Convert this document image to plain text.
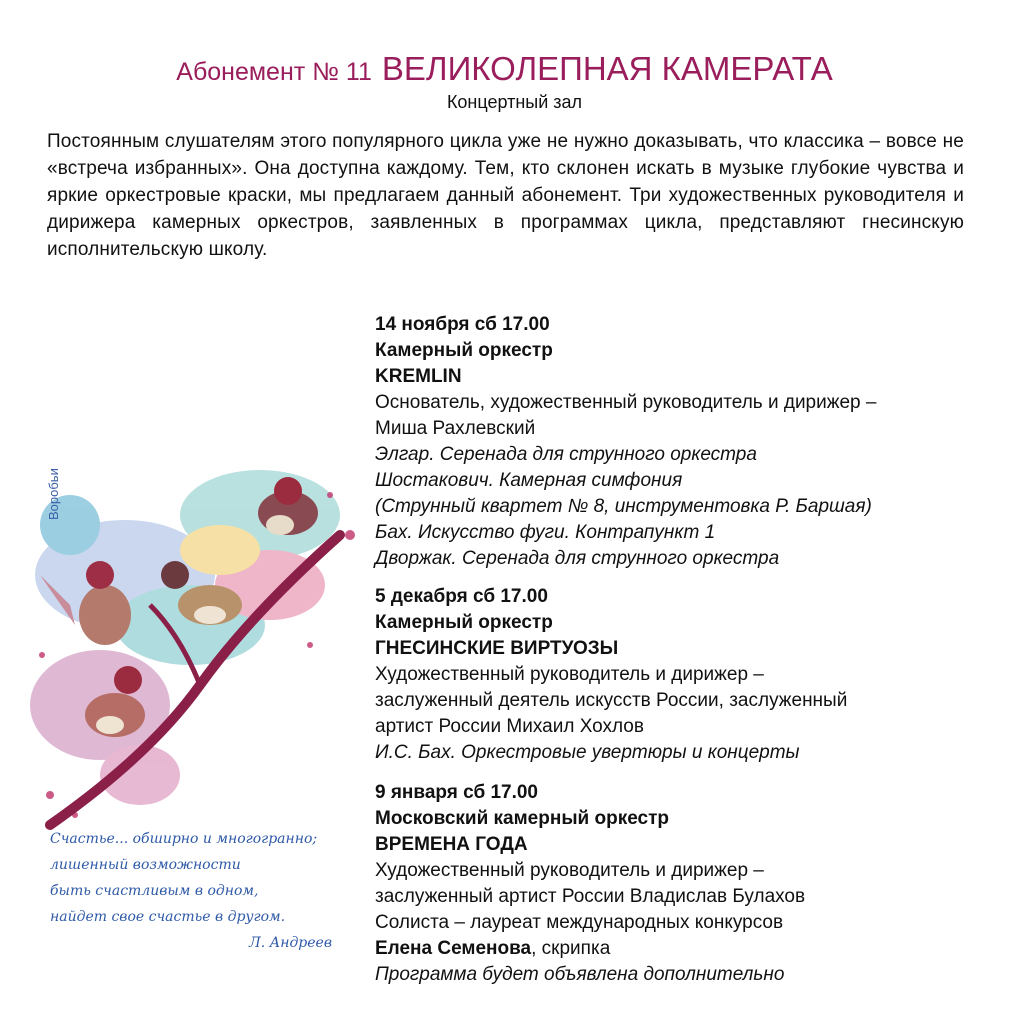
Абонемент № 11 ВЕЛИКОЛЕПНАЯ КАМЕРАТА
Концертный зал
Постоянным слушателям этого популярного цикла уже не нужно доказывать, что классика – вовсе не «встреча избранных». Она доступна каждому. Тем, кто склонен искать в музыке глубокие чувства и яркие оркестровые краски, мы предлагаем данный абонемент. Три художественных руководителя и дирижера камерных оркестров, заявленных в программах цикла, представляют гнесинскую исполнительскую школу.
Воробьи
Счастье... обширно и многогранно;
лишенный возможности
быть счастливым в одном,
найдет свое счастье в другом.
Л. Андреев
14 ноября сб 17.00
Камерный оркестр
KREMLIN
Основатель, художественный руководитель и дирижер –
Миша Рахлевский
Элгар. Серенада для струнного оркестра
Шостакович. Камерная симфония
(Струнный квартет № 8, инструментовка Р. Баршая)
Бах. Искусство фуги. Контрапункт 1
Дворжак. Серенада для струнного оркестра
5 декабря сб 17.00
Камерный оркестр
ГНЕСИНСКИЕ ВИРТУОЗЫ
Художественный руководитель и дирижер –
заслуженный деятель искусств России, заслуженный
артист России Михаил Хохлов
И.С. Бах. Оркестровые увертюры и концерты
9 января сб 17.00
Московский камерный оркестр
ВРЕМЕНА ГОДА
Художественный руководитель и дирижер –
заслуженный артист России Владислав Булахов
Солиста – лауреат международных конкурсов
Елена Семенова, скрипка
Программа будет объявлена дополнительно
